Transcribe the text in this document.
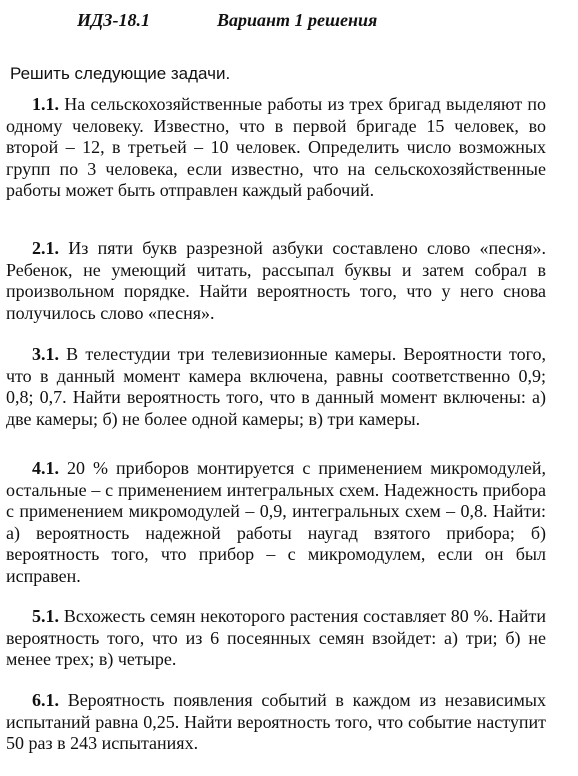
ИДЗ-18.1	Вариант 1 решения
Решить следующие задачи.
1.1. На сельскохозяйственные работы из трех бригад выделяют по одному человеку. Известно, что в первой бригаде 15 человек, во второй – 12, в третьей – 10 человек. Определить число возможных групп по 3 человека, если известно, что на сельскохозяйственные работы может быть отправлен каждый рабочий.
2.1. Из пяти букв разрезной азбуки составлено слово «песня». Ребенок, не умеющий читать, рассыпал буквы и затем собрал в произвольном порядке. Найти вероятность того, что у него снова получилось слово «песня».
3.1. В телестудии три телевизионные камеры. Вероятности того, что в данный момент камера включена, равны соответственно 0,9; 0,8; 0,7. Найти вероятность того, что в данный момент включены: а) две камеры; б) не более одной камеры; в) три камеры.
4.1. 20 % приборов монтируется с применением микромодулей, остальные – с применением интегральных схем. Надежность прибора с применением микромодулей – 0,9, интегральных схем – 0,8. Найти: а) вероятность надежной работы наугад взятого прибора; б) вероятность того, что прибор – с микромодулем, если он был исправен.
5.1. Всхожесть семян некоторого растения составляет 80 %. Найти вероятность того, что из 6 посеянных семян взойдет: а) три; б) не менее трех; в) четыре.
6.1. Вероятность появления событий в каждом из независимых испытаний равна 0,25. Найти вероятность того, что событие наступит 50 раз в 243 испытаниях.
